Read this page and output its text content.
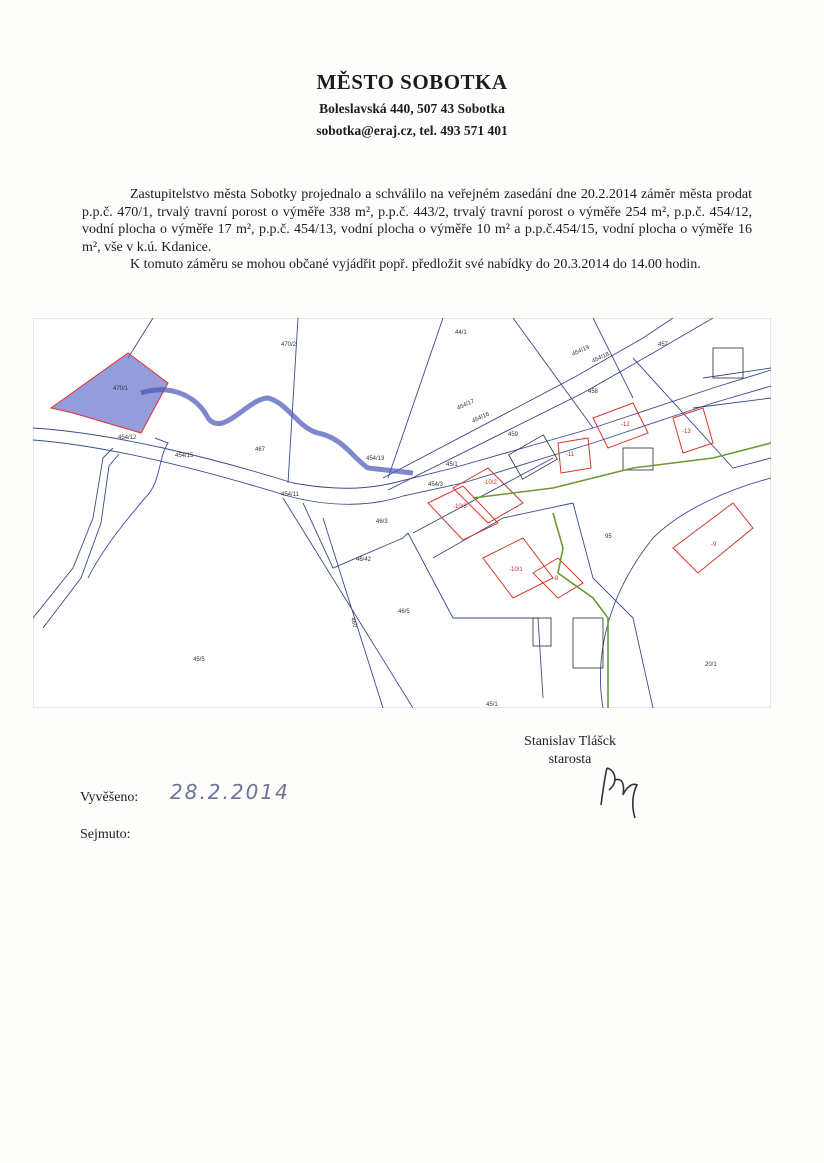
MĚSTO SOBOTKA
Boleslavská 440, 507 43 Sobotka
sobotka@eraj.cz, tel. 493 571 401

Zastupitelstvo města Sobotky projednalo a schválilo na veřejném zasedání dne 20.2.2014 záměr města prodat p.p.č. 470/1, trvalý travní porost o výměře 338 m², p.p.č. 443/2, trvalý travní porost o výměře 254 m², p.p.č. 454/12, vodní plocha o výměře 17 m², p.p.č. 454/13, vodní plocha o výměře 10 m² a p.p.č.454/15, vodní plocha o výměře 16 m², vše v k.ú. Kdanice.

K tomuto záměru se mohou občané vyjádřit popř. předložit své nabídky do 20.3.2014 do 14.00 hodin.

470/2
44/1
454/19
454/18
457
454/17
454/16
458
470/1
454/12
454/15
467
454/13
459
45/1
454/3
454/11
46/3
46/42
46/5
45/5
460
95
20/1
45/1
-10/2
-10/3
-10/1
-11
-12
-13
-8
-9
Stanislav Tlášck
starosta
Vyvěšeno: 28.2.2014
Sejmuto:
